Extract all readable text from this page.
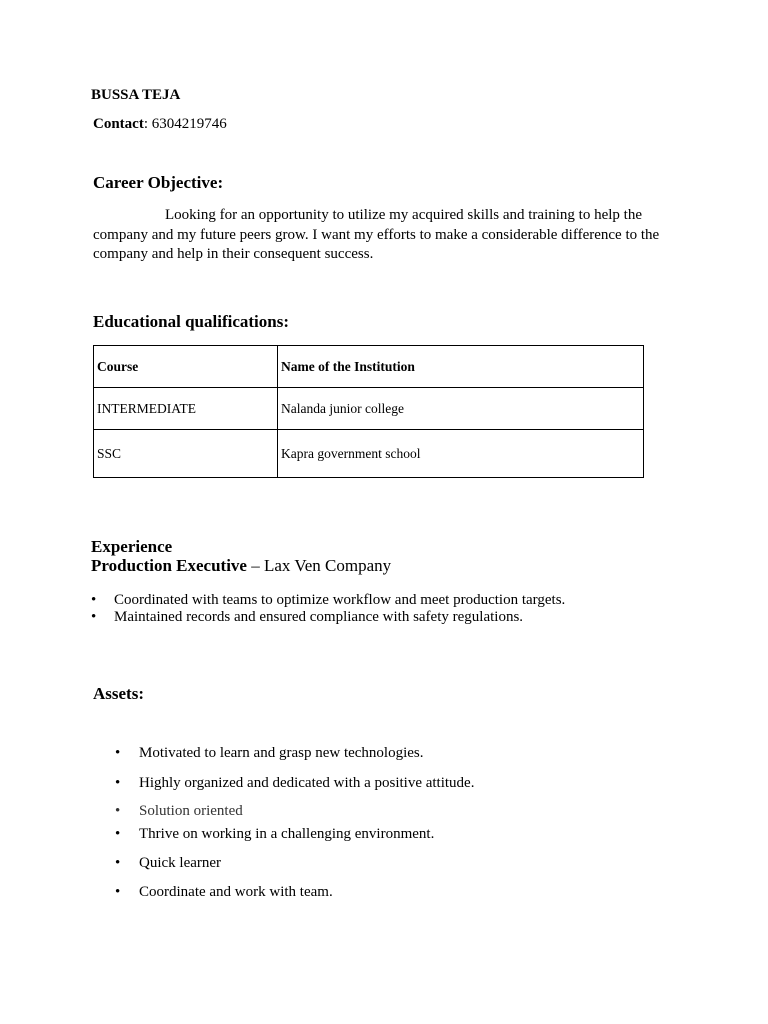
BUSSA TEJA
Contact: 6304219746
Career Objective:
Looking for an opportunity to utilize my acquired skills and training to help the company and my future peers grow. I want my efforts to make a considerable difference to the company and help in their consequent success.
Educational qualifications:
Course	Name of the Institution
INTERMEDIATE	Nalanda junior college
SSC	Kapra government school
Experience
Production Executive – Lax Ven Company
• Coordinated with teams to optimize workflow and meet production targets.
• Maintained records and ensured compliance with safety regulations.
Assets:
• Motivated to learn and grasp new technologies.
• Highly organized and dedicated with a positive attitude.
• Solution oriented
• Thrive on working in a challenging environment.
• Quick learner
• Coordinate and work with team.
